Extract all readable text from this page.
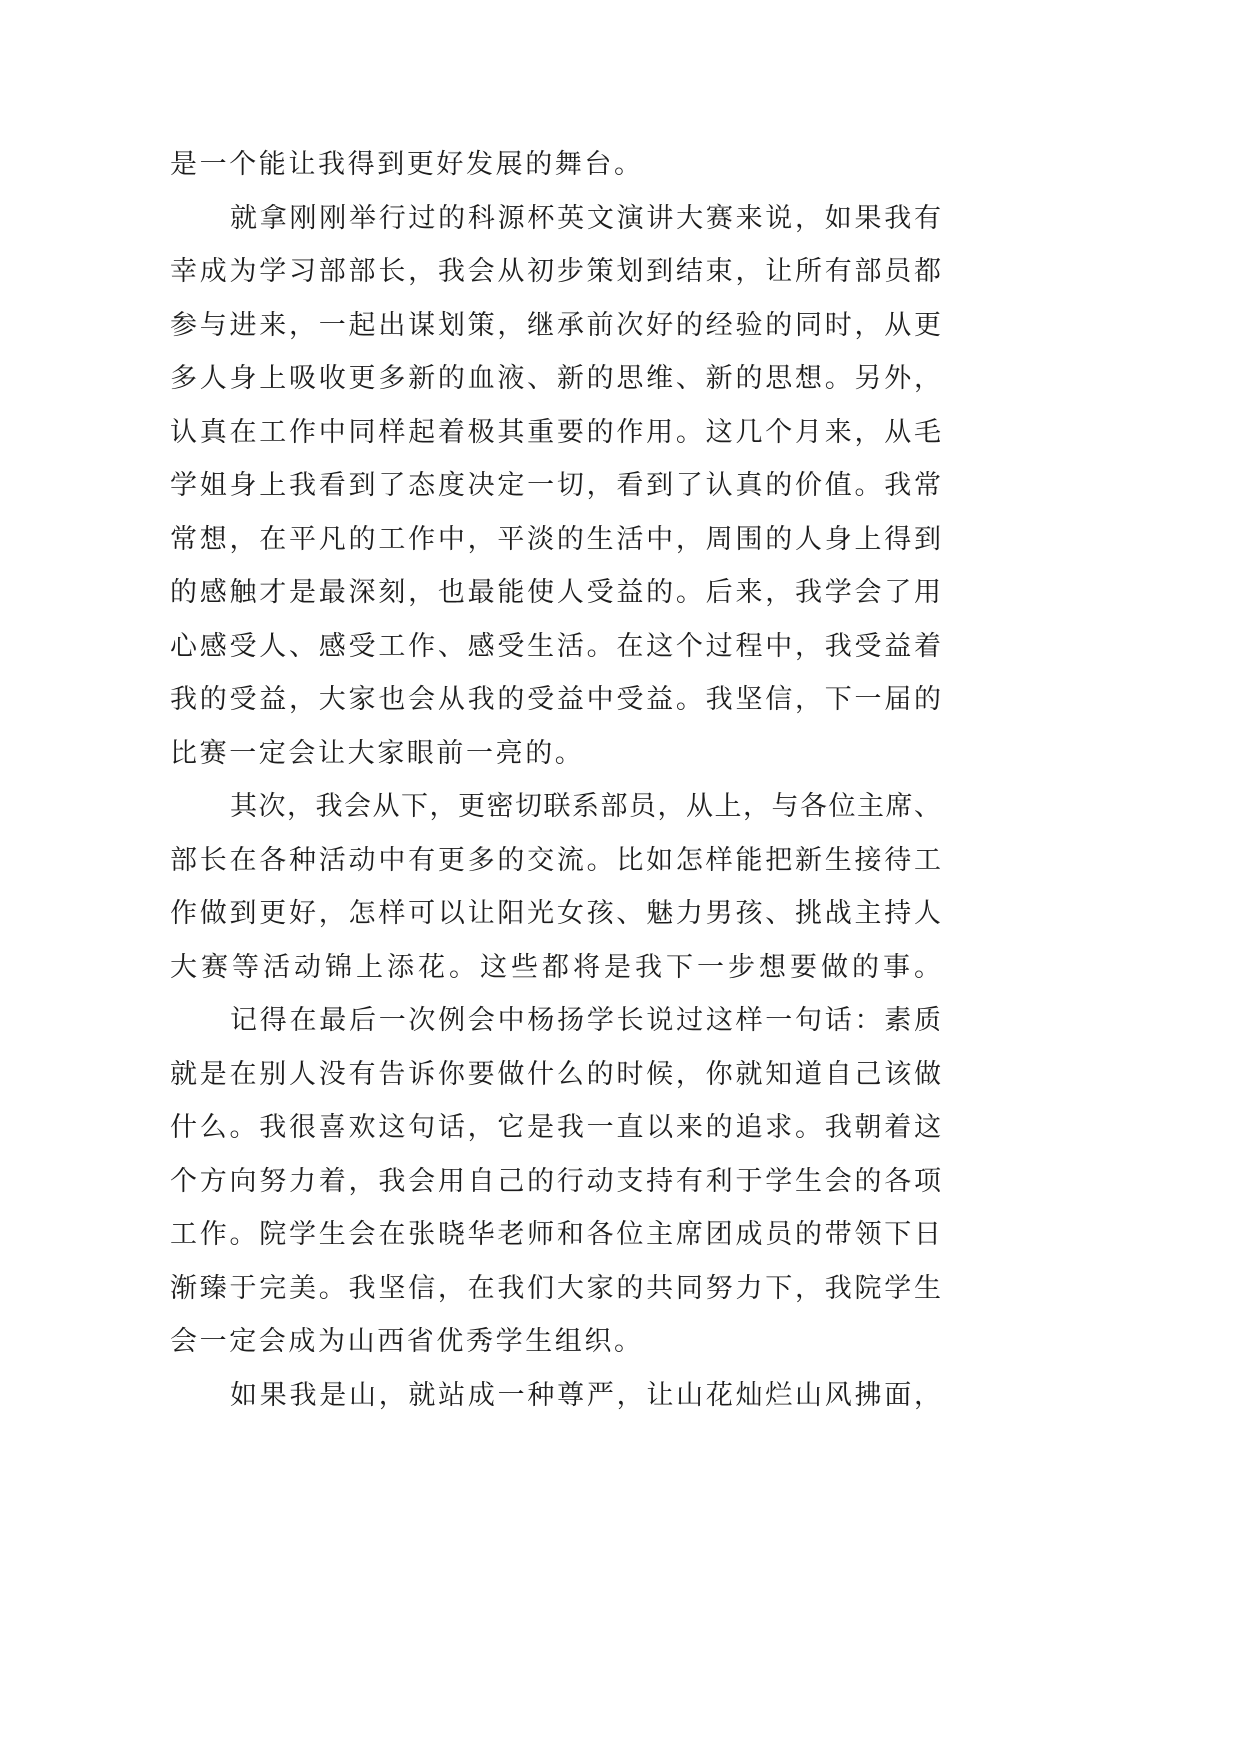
是一个能让我得到更好发展的舞台。
就拿刚刚举行过的科源杯英文演讲大赛来说，如果我有
幸成为学习部部长，我会从初步策划到结束，让所有部员都
参与进来，一起出谋划策，继承前次好的经验的同时，从更
多人身上吸收更多新的血液、新的思维、新的思想。另外，
认真在工作中同样起着极其重要的作用。这几个月来，从毛
学姐身上我看到了态度决定一切，看到了认真的价值。我常
常想，在平凡的工作中，平淡的生活中，周围的人身上得到
的感触才是最深刻，也最能使人受益的。后来，我学会了用
心感受人、感受工作、感受生活。在这个过程中，我受益着
我的受益，大家也会从我的受益中受益。我坚信，下一届的
比赛一定会让大家眼前一亮的。
其次，我会从下，更密切联系部员，从上，与各位主席、
部长在各种活动中有更多的交流。比如怎样能把新生接待工
作做到更好，怎样可以让阳光女孩、魅力男孩、挑战主持人
大赛等活动锦上添花。这些都将是我下一步想要做的事。
记得在最后一次例会中杨扬学长说过这样一句话：素质
就是在别人没有告诉你要做什么的时候，你就知道自己该做
什么。我很喜欢这句话，它是我一直以来的追求。我朝着这
个方向努力着，我会用自己的行动支持有利于学生会的各项
工作。院学生会在张晓华老师和各位主席团成员的带领下日
渐臻于完美。我坚信，在我们大家的共同努力下，我院学生
会一定会成为山西省优秀学生组织。
如果我是山，就站成一种尊严，让山花灿烂山风拂面，
